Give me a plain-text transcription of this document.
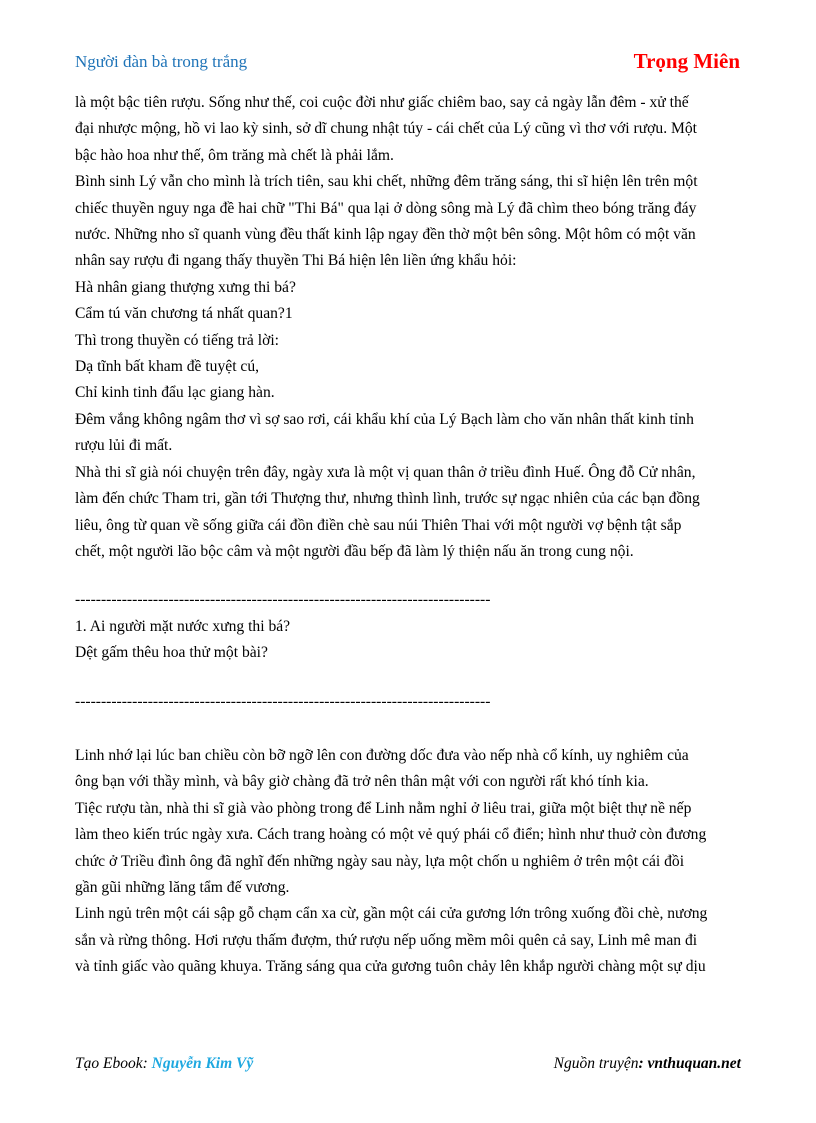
Người đàn bà trong trắng	Trọng Miên

là một bậc tiên rượu. Sống như thế, coi cuộc đời như giấc chiêm bao, say cả ngày lẫn đêm - xử thế

đại nhược mộng, hồ vi lao kỳ sinh, sở dĩ chung nhật túy - cái chết của Lý cũng vì thơ với rượu. Một

bậc hào hoa như thế, ôm trăng mà chết là phải lắm.

Bình sinh Lý vẫn cho mình là trích tiên, sau khi chết, những đêm trăng sáng, thi sĩ hiện lên trên một

chiếc thuyền nguy nga đề hai chữ "Thi Bá" qua lại ở dòng sông mà Lý đã chìm theo bóng trăng đáy

nước. Những nho sĩ quanh vùng đều thất kinh lập ngay đền thờ một bên sông. Một hôm có một văn

nhân say rượu đi ngang thấy thuyền Thi Bá hiện lên liền ứng khẩu hỏi:

Hà nhân giang thượng xưng thi bá?

Cẩm tú văn chương tá nhất quan?1

Thì trong thuyền có tiếng trả lời:

Dạ tĩnh bất kham đề tuyệt cú,

Chỉ kinh tinh đẩu lạc giang hàn.

Đêm vắng không ngâm thơ vì sợ sao rơi, cái khẩu khí của Lý Bạch làm cho văn nhân thất kinh tỉnh

rượu lủi đi mất.

Nhà thi sĩ già nói chuyện trên đây, ngày xưa là một vị quan thân ở triều đình Huế. Ông đỗ Cử nhân,

làm đến chức Tham tri, gần tới Thượng thư, nhưng thình lình, trước sự ngạc nhiên của các bạn đồng

liêu, ông từ quan về sống giữa cái đồn điền chè sau núi Thiên Thai với một người vợ bệnh tật sắp

chết, một người lão bộc câm và một người đầu bếp đã làm lý thiện nấu ăn trong cung nội.

--------------------------------------------------------------------------------

1. Ai người mặt nước xưng thi bá?

Dệt gấm thêu hoa thử một bài?

--------------------------------------------------------------------------------

Linh nhớ lại lúc ban chiều còn bỡ ngỡ lên con đường dốc đưa vào nếp nhà cổ kính, uy nghiêm của

ông bạn với thầy mình, và bây giờ chàng đã trở nên thân mật với con người rất khó tính kia.

Tiệc rượu tàn, nhà thi sĩ già vào phòng trong để Linh nằm nghỉ ở liêu trai, giữa một biệt thự nề nếp

làm theo kiến trúc ngày xưa. Cách trang hoàng có một vẻ quý phái cổ điển; hình như thuở còn đương

chức ở Triều đình ông đã nghĩ đến những ngày sau này, lựa một chốn u nghiêm ở trên một cái đồi

gần gũi những lăng tẩm đế vương.

Linh ngủ trên một cái sập gỗ chạm cẩn xa cừ, gần một cái cửa gương lớn trông xuống đồi chè, nương

sắn và rừng thông. Hơi rượu thấm đượm, thứ rượu nếp uống mềm môi quên cả say, Linh mê man đi

và tỉnh giấc vào quãng khuya. Trăng sáng qua cửa gương tuôn chảy lên khắp người chàng một sự dịu

Tạo Ebook: Nguyễn Kim Vỹ	Nguồn truyện: vnthuquan.net
